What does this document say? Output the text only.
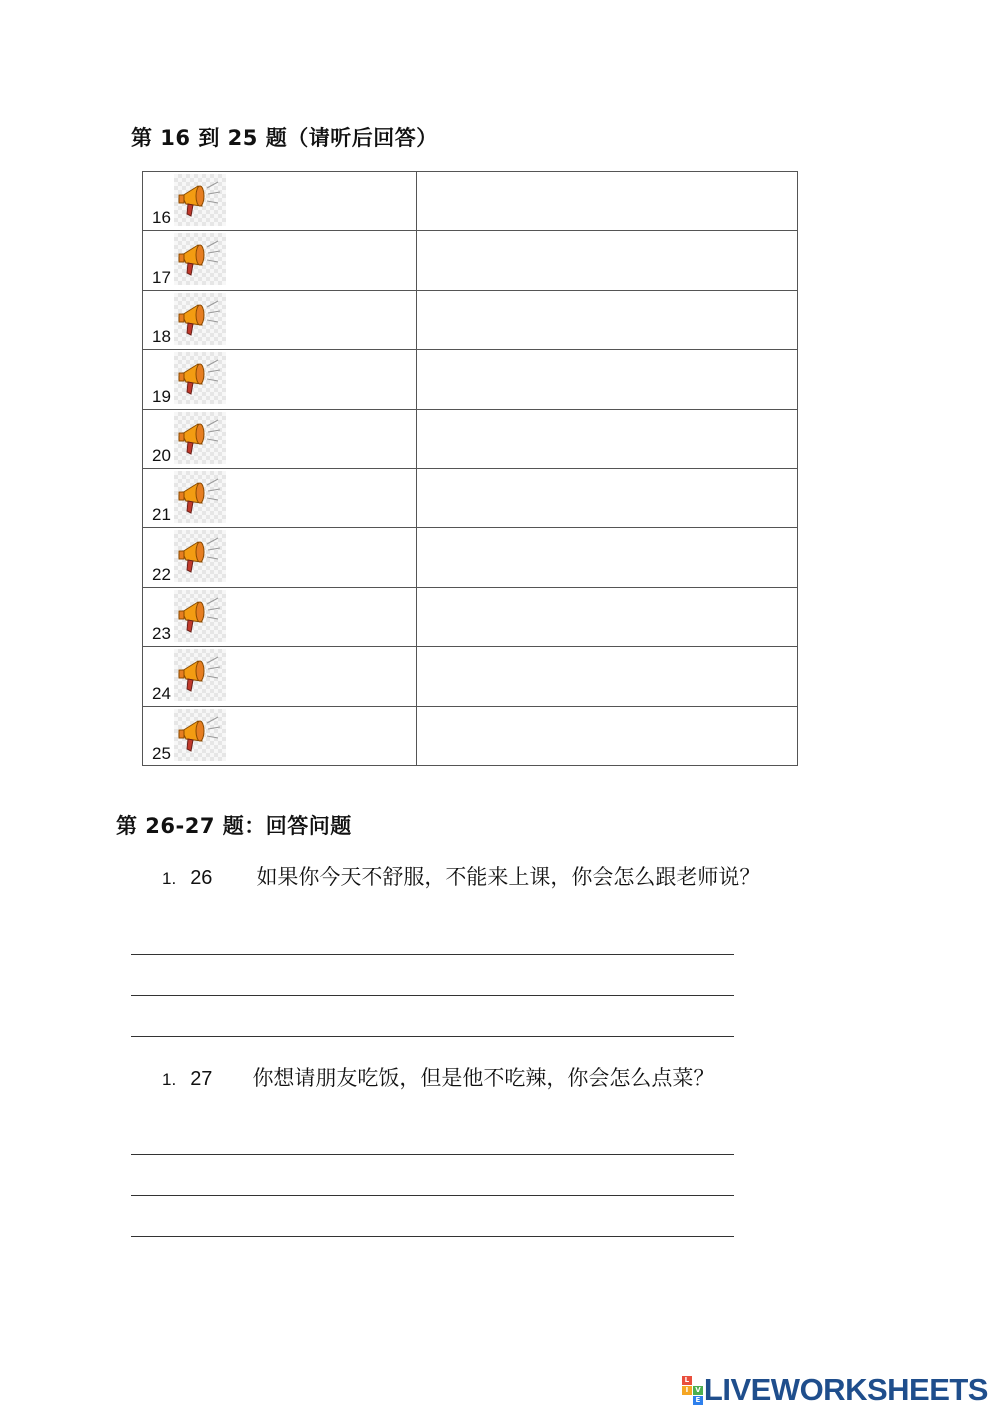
第 16 到 25 题（请听后回答）
16
17
18
19
20
21
22
23
24
25
第 26-27 题：回答问题
1. 26 如果你今天不舒服，不能来上课，你会怎么跟老师说？
1. 27 你想请朋友吃饭，但是他不吃辣，你会怎么点菜？
L
I V
E LIVEWORKSHEETS
